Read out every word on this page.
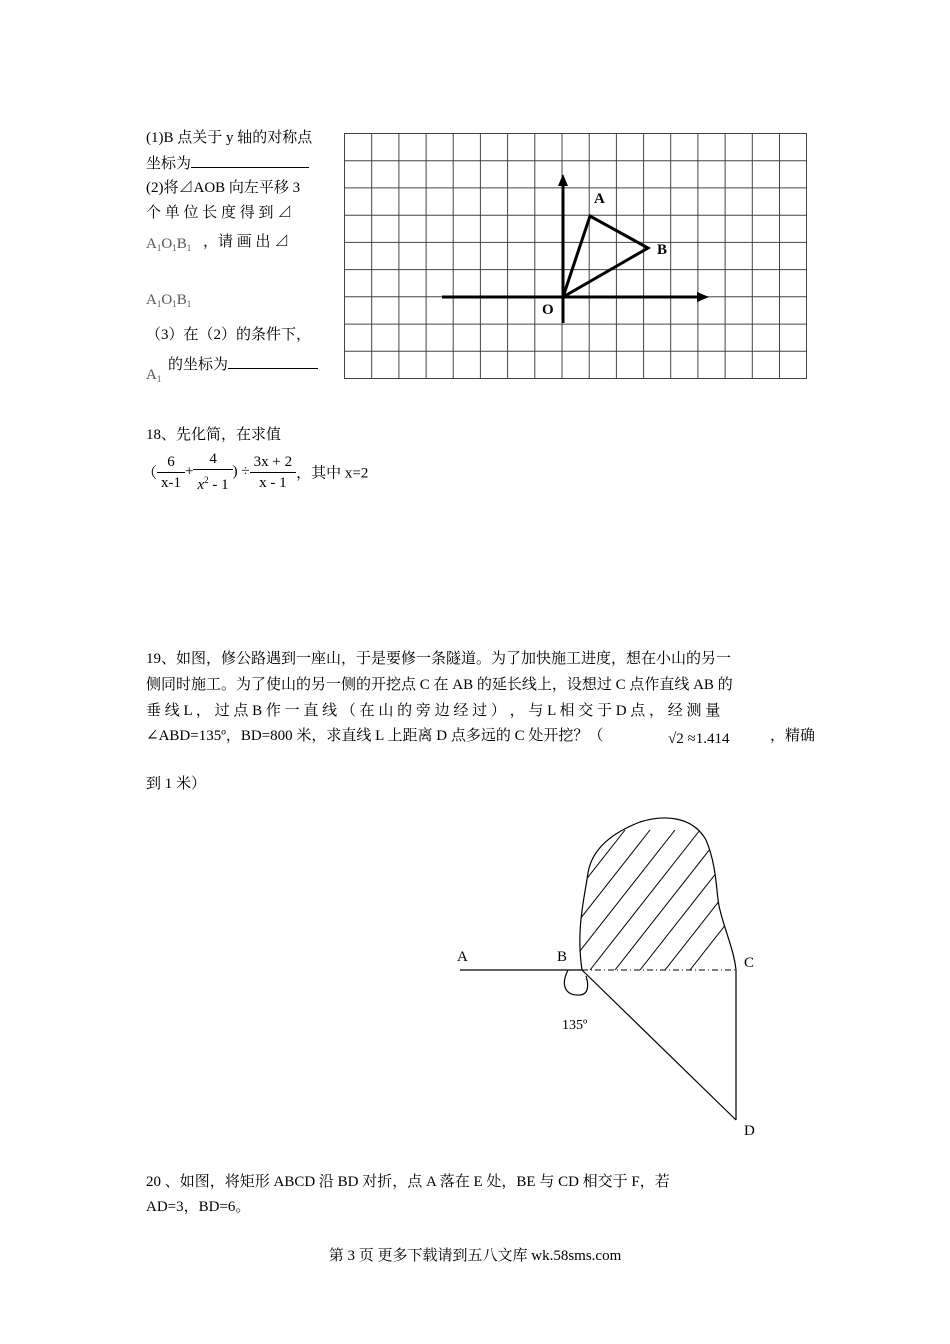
(1)B 点关于 y 轴的对称点
坐标为
(2)将⊿AOB 向左平移 3
个 单 位 长 度 得 到 ⊿
$A_1O_1B_1$ ，请 画 出 ⊿
$A_1O_1B_1$
（3）在（2）的条件下，
$A_1$
的坐标为
A
B
O
18、先化简，在求值
（ $\frac{6}{x-1} + \frac{4}{x^2 - 1}$ ) ÷ $\frac{3x + 2}{x - 1}$ ，其中 x=2
19、如图，修公路遇到一座山，于是要修一条隧道。为了加快施工进度，想在小山的另一
侧同时施工。为了使山的另一侧的开挖点 C 在 AB 的延长线上，设想过 C 点作直线 AB 的
垂 线 L ， 过 点 B 作 一 直 线 （ 在 山 的 旁 边 经 过 ） ， 与 L 相 交 于 D 点 ， 经 测 量
∠ABD=135º，BD=800 米，求直线 L 上距离 D 点多远的 C 处开挖？（	√2 ≈1.414	，精确
到 1 米）
A	B	C
D
135º
20 、如图，将矩形 ABCD 沿 BD 对折，点 A 落在 E 处，BE 与 CD 相交于 F，若
AD=3，BD=6。
第 3 页 更多下载请到五八文库 wk.58sms.com
